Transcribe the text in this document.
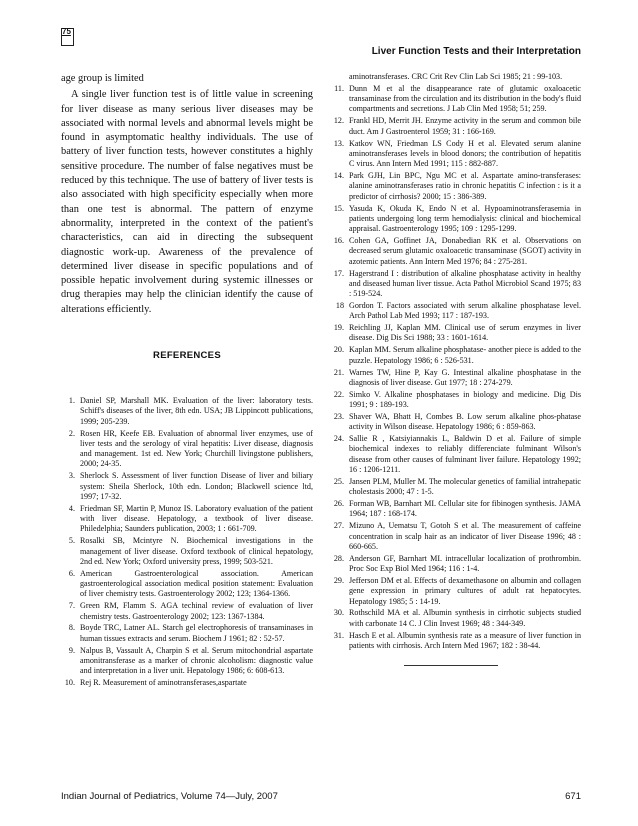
75
Liver Function Tests and their Interpretation

age group is limited

A single liver function test is of little value in screening for liver disease as many serious liver diseases may be associated with normal levels and abnormal levels might be found in asymptomatic healthy individuals. The use of battery of liver function tests, however constitutes a highly sensitive procedure. The number of false negatives must be reduced by this technique. The use of battery of liver tests is also associated with high specificity especially when more than one test is abnormal. The pattern of enzyme abnormality, interpreted in the context of the patient's characteristics, can aid in directing the subsequent diagnostic work-up. Awareness of the prevalence of determined liver disease in specific populations and of possible hepatic involvement during systemic illnesses or drug therapies may help the clinician identify the cause of alterations efficiently.

REFERENCES
1. Daniel SP, Marshall MK. Evaluation of the liver: laboratory tests. Schiff's diseases of the liver, 8th edn. USA; JB Lippincott publications, 1999; 205-239.
2. Rosen HR, Keefe EB. Evaluation of abnormal liver enzymes, use of liver tests and the serology of viral hepatitis: Liver disease, diagnosis and management. 1st ed. New York; Churchill livingstone publishers, 2000; 24-35.
3. Sherlock S. Assessment of liver function Disease of liver and biliary system: Sheila Sherlock, 10th edn. London; Blackwell science ltd, 1997; 17-32.
4. Friedman SF, Martin P, Munoz IS. Laboratory evaluation of the patient with liver disease. Hepatology, a textbook of liver disease. Philedelphia; Saunders publication, 2003; 1 : 661-709.
5. Rosalki SB, Mcintyre N. Biochemical investigations in the management of liver disease. Oxford textbook of clinical hepatology, 2nd ed. New York; Oxford university press, 1999; 503-521.
6. American Gastroenterological association. American gastroenterological association medical position statement: Evaluation of liver chemistry tests. Gastroenterology 2002; 123; 1364-1366.
7. Green RM, Flamm S. AGA techinal review of evaluation of liver chemistry tests. Gastroenterology 2002; 123: 1367-1384.
8. Boyde TRC, Latner AL. Starch gel electrophoresis of transaminases in human tissues extracts and serum. Biochem J 1961; 82 : 52-57.
9. Nalpus B, Vassault A, Charpin S et al. Serum mitochondrial aspartate amonitransferase as a marker of chronic alcoholism: diagnostic value and interpretation in a liver unit. Hepatology 1986; 6: 608-613.
10. Rej R. Measurement of aminotransferases,aspartate
aminotransferases. CRC Crit Rev Clin Lab Sci 1985; 21 : 99-103.
11. Dunn M et al the disappearance rate of glutamic oxaloacetic transaminase from the circulation and its distribution in the body's fluid compartments and secretions. J Lab Clin Med 1958; 51; 259.
12. Frankl HD, Merrit JH. Enzyme activity in the serum and common bile duct. Am J Gastroenterol 1959; 31 : 166-169.
13. Katkov WN, Friedman LS Cody H et al. Elevated serum alanine aminotransferases levels in blood donors; the contribution of hepatitis C virus. Ann Intern Med 1991; 115 : 882-887.
14. Park GJH, Lin BPC, Ngu MC et al. Aspartate amino-transferases: alanine aminotransferases ratio in chronic hepatitis C infection : is it a predictor of cirrhosis? 2000; 15 : 386-389.
15. Yasuda K, Okuda K, Endo N et al. Hypoaminotransferasemia in patients undergoing long term hemodialysis: clinical and biochemical appraisal. Gastroenterology 1995; 109 : 1295-1299.
16. Cohen GA, Goffinet JA, Donabedian RK et al. Observations on decreased serum glutamic oxaloacetic transaminase (SGOT) activity in azotemic patients. Ann Intern Med 1976; 84 : 275-281.
17. Hagerstrand I : distribution of alkaline phosphatase activity in healthy and diseased human liver tissue. Acta Pathol Microbiol Scand 1975; 83 : 519-524.
18 Gordon T. Factors associated with serum alkaline phosphatase level. Arch Pathol Lab Med 1993; 117 : 187-193.
19. Reichling JJ, Kaplan MM. Clinical use of serum enzymes in liver disease. Dig Dis Sci 1988; 33 : 1601-1614.
20. Kaplan MM. Serum alkaline phosphatase- another piece is added to the puzzle. Hepatology 1986; 6 : 526-531.
21. Warnes TW, Hine P, Kay G. Intestinal alkaline phosphatase in the diagnosis of liver disease. Gut 1977; 18 : 274-279.
22. Simko V. Alkaline phosphatases in biology and medicine. Dig Dis 1991; 9 : 189-193.
23. Shaver WA, Bhatt H, Combes B. Low serum alkaline phos-phatase activity in Wilson disease. Hepatology 1986; 6 : 859-863.
24. Sallie R , Katsiyiannakis L, Baldwin D et al. Failure of simple biochemical indexes to reliably differenciate fulminant Wilson's disease from other causes of fulminant liver failure. Hepatology 1992; 16 : 1206-1211.
25. Jansen PLM, Muller M. The molecular genetics of familial intrahepatic cholestasis 2000; 47 : 1-5.
26. Forman WB, Barnhart MI. Cellular site for fibinogen synthesis. JAMA 1964; 187 : 168-174.
27. Mizuno A, Uematsu T, Gotoh S et al. The measurement of caffeine concentration in scalp hair as an indicator of liver Disease 1996; 48 : 660-665.
28. Anderson GF, Barnhart MI. intracellular localization of prothrombin. Proc Soc Exp Biol Med 1964; 116 : 1-4.
29. Jefferson DM et al. Effects of dexamethasone on albumin and collagen gene expression in primary cultures of adult rat hepatocytes. Hepatology 1985; 5 : 14-19.
30. Rothschild MA et al. Albumin synthesis in cirrhotic subjects studied with carbonate 14 C. J Clin Invest 1969; 48 : 344-349.
31. Hasch E et al. Albumin synthesis rate as a measure of liver function in patients with cirrhosis. Arch Intern Med 1967; 182 : 38-44.
Indian Journal of Pediatrics, Volume 74—July, 2007	671
